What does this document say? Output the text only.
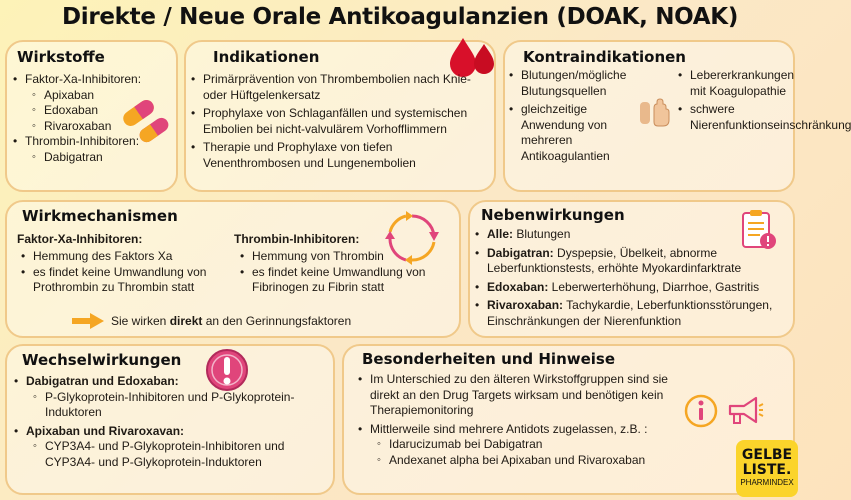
Direkte / Neue Orale Antikoagulanzien (DOAK, NOAK)
Wirkstoffe
• Faktor-Xa-Inhibitoren:
◦ Apixaban
◦ Edoxaban
◦ Rivaroxaban
• Thrombin-Inhibitoren:
◦ Dabigatran
Indikationen
• Primärprävention von Thrombembolien nach Knie- oder Hüftgelenkersatz
• Prophylaxe von Schlaganfällen und systemischen Embolien bei nicht-valvulärem Vorhofflimmern
• Therapie und Prophylaxe von tiefen Venenthrombosen und Lungenembolien
Kontraindikationen
• Blutungen/mögliche Blutungsquellen
• gleichzeitige Anwendung von mehreren Antikoagulantien
• Lebererkrankungen mit Koagulopathie
• schwere Nierenfunktionseinschränkung
Wirkmechanismen
Faktor-Xa-Inhibitoren:
• Hemmung des Faktors Xa
• es findet keine Umwandlung von Prothrombin zu Thrombin statt
Thrombin-Inhibitoren:
• Hemmung von Thrombin
• es findet keine Umwandlung von Fibrinogen zu Fibrin statt
Sie wirken direkt an den Gerinnungsfaktoren
Nebenwirkungen
• Alle: Blutungen
• Dabigatran: Dyspepsie, Übelkeit, abnorme Leberfunktionstests, erhöhte Myokardinfarktrate
• Edoxaban: Leberwerterhöhung, Diarrhoe, Gastritis
• Rivaroxaban: Tachykardie, Leberfunktionsstörungen, Einschränkungen der Nierenfunktion
Wechselwirkungen
• Dabigatran und Edoxaban:
◦ P-Glykoprotein-Inhibitoren und P-Glykoprotein-Induktoren
• Apixaban und Rivaroxavan:
◦ CYP3A4- und P-Glykoprotein-Inhibitoren und CYP3A4- und P-Glykoprotein-Induktoren
Besonderheiten und Hinweise
• Im Unterschied zu den älteren Wirkstoffgruppen sind sie direkt an den Drug Targets wirksam und benötigen kein Therapiemonitoring
• Mittlerweile sind mehrere Antidots zugelassen, z.B. :
◦ Idarucizumab bei Dabigatran
◦ Andexanet alpha bei Apixaban und Rivaroxaban	GELBE
LISTE.
PHARMINDEX
